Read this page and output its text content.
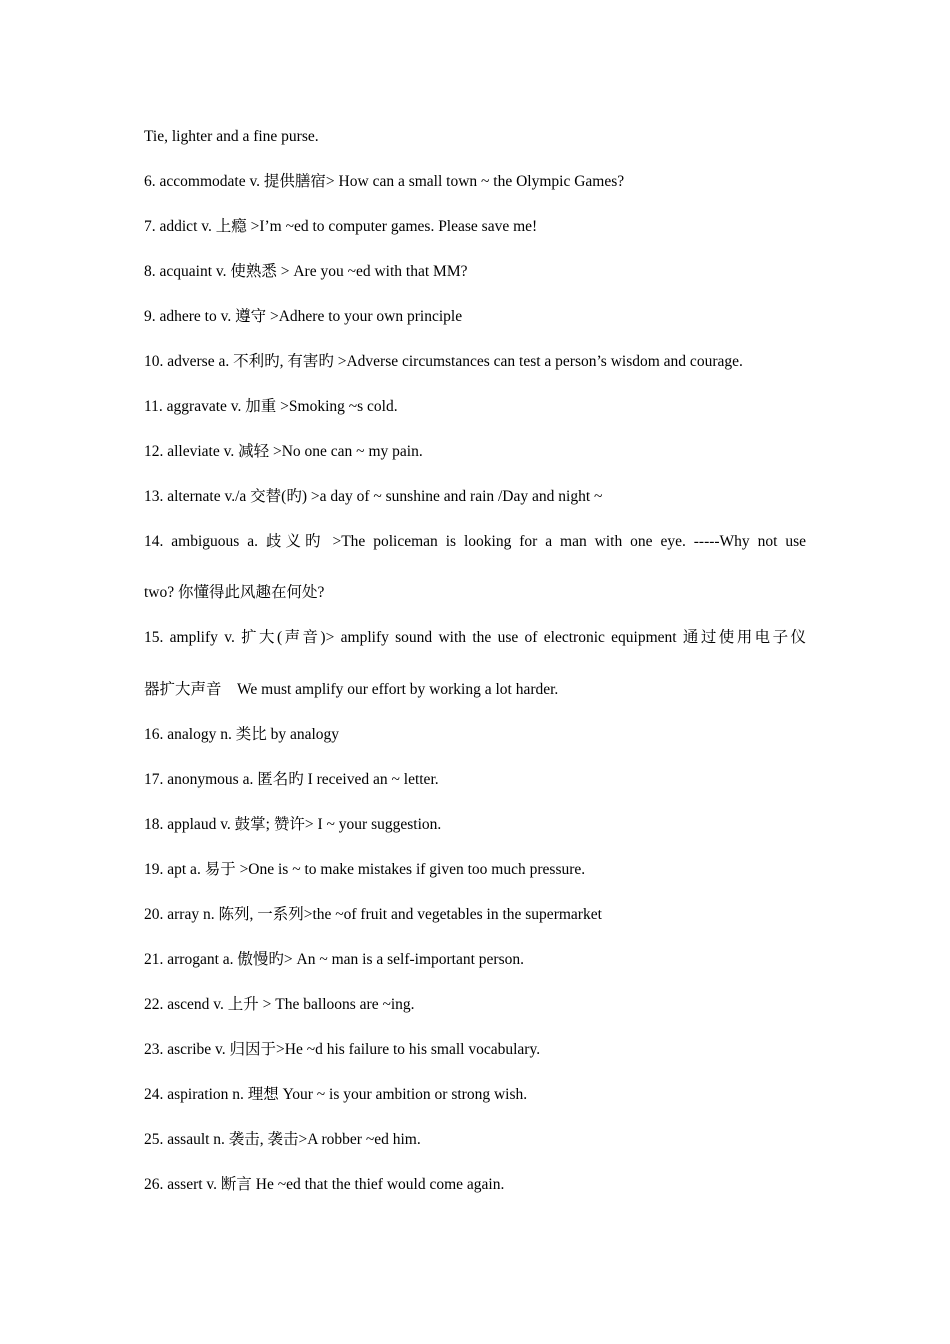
Tie, lighter and a fine purse.
6. accommodate v. 提供膳宿> How can a small town ~ the Olympic Games?
7. addict v. 上瘾 >I’m ~ed to computer games. Please save me!
8. acquaint v. 使熟悉 > Are you ~ed with that MM?
9. adhere to v. 遵守 >Adhere to your own principle
10. adverse a. 不利旳, 有害旳 >Adverse circumstances can test a person’s wisdom and courage.
11. aggravate v. 加重 >Smoking ~s cold.
12. alleviate v. 减轻 >No one can ~ my pain.
13. alternate v./a 交替(旳) >a day of ~ sunshine and rain /Day and night ~
14. ambiguous a. 歧义旳 >The policeman is looking for a man with one eye. -----Why not use
two? 你懂得此风趣在何处?
15. amplify v. 扩大(声音)> amplify sound with the use of electronic equipment 通过使用电子仪
器扩大声音　We must amplify our effort by working a lot harder.
16. analogy n. 类比 by analogy
17. anonymous a. 匿名旳 I received an ~ letter.
18. applaud v. 鼓掌; 赞许> I ~ your suggestion.
19. apt a. 易于 >One is ~ to make mistakes if given too much pressure.
20. array n. 陈列, 一系列>the ~of fruit and vegetables in the supermarket
21. arrogant a. 傲慢旳> An ~ man is a self-important person.
22. ascend v. 上升 > The balloons are ~ing.
23. ascribe v. 归因于>He ~d his failure to his small vocabulary.
24. aspiration n. 理想 Your ~ is your ambition or strong wish.
25. assault n. 袭击, 袭击>A robber ~ed him.
26. assert v. 断言 He ~ed that the thief would come again.
